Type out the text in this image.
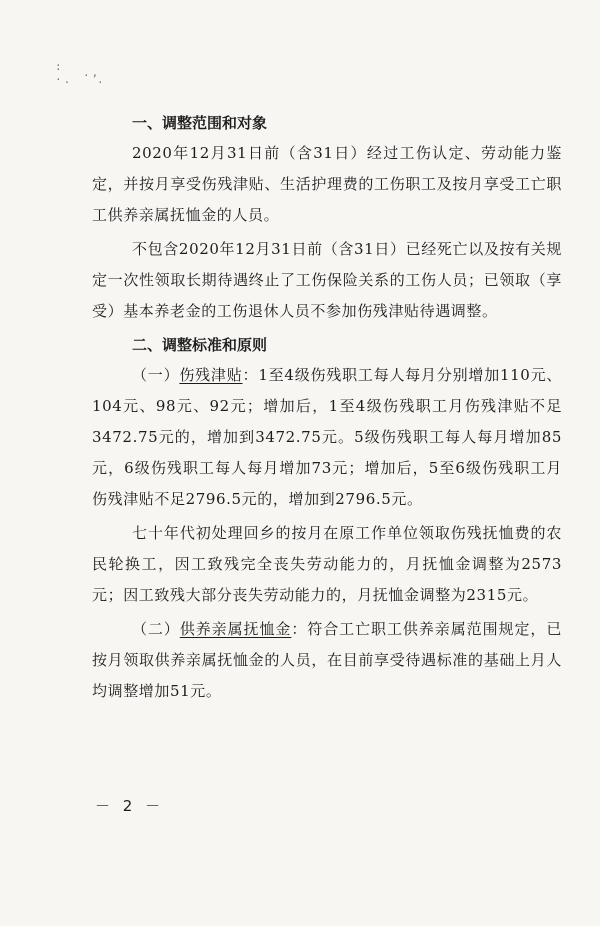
: ·.
.,
·
一、调整范围和对象

2020年12月31日前（含31日）经过工伤认定、劳动能力鉴定，并按月享受伤残津贴、生活护理费的工伤职工及按月享受工亡职工供养亲属抚恤金的人员。

不包含2020年12月31日前（含31日）已经死亡以及按有关规定一次性领取长期待遇终止了工伤保险关系的工伤人员；已领取（享受）基本养老金的工伤退休人员不参加伤残津贴待遇调整。

二、调整标准和原则

（一）伤残津贴：1至4级伤残职工每人每月分别增加110元、104元、98元、92元；增加后，1至4级伤残职工月伤残津贴不足3472.75元的，增加到3472.75元。5级伤残职工每人每月增加85元，6级伤残职工每人每月增加73元；增加后，5至6级伤残职工月伤残津贴不足2796.5元的，增加到2796.5元。

七十年代初处理回乡的按月在原工作单位领取伤残抚恤费的农民轮换工，因工致残完全丧失劳动能力的，月抚恤金调整为2573元；因工致残大部分丧失劳动能力的，月抚恤金调整为2315元。

（二）供养亲属抚恤金：符合工亡职工供养亲属范围规定，已按月领取供养亲属抚恤金的人员，在目前享受待遇标准的基础上月人均调整增加51元。

－ 2 －
